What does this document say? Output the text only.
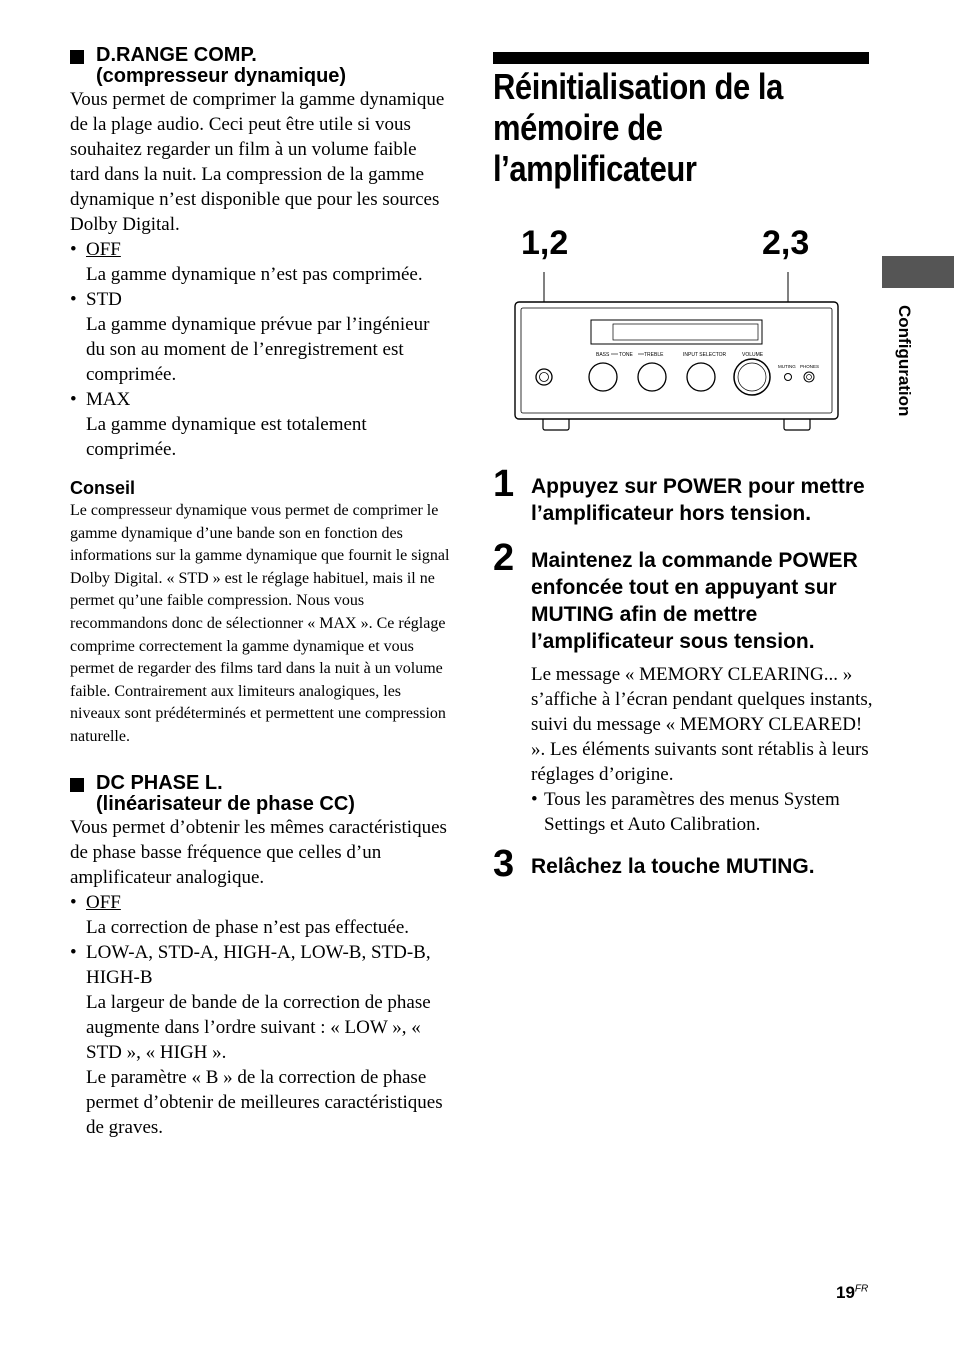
D.RANGE COMP.
(compresseur dynamique)
Vous permet de comprimer la gamme dynamique de la plage audio. Ceci peut être utile si vous souhaitez regarder un film à un volume faible tard dans la nuit. La compression de la gamme dynamique n’est disponible que pour les sources Dolby Digital.
• OFF
La gamme dynamique n’est pas comprimée.
• STD
La gamme dynamique prévue par l’ingénieur du son au moment de l’enregistrement est comprimée.
• MAX
La gamme dynamique est totalement comprimée.
Conseil
Le compresseur dynamique vous permet de comprimer le gamme dynamique d’une bande son en fonction des informations sur la gamme dynamique que fournit le signal Dolby Digital. « STD » est le réglage habituel, mais il ne permet qu’une faible compression. Nous vous recommandons donc de sélectionner « MAX ». Ce réglage comprime correctement la gamme dynamique et vous permet de regarder des films tard dans la nuit à un volume faible. Contrairement aux limiteurs analogiques, les niveaux sont prédéterminés et permettent une compression naturelle.
DC PHASE L.
(linéarisateur de phase CC)
Vous permet d’obtenir les mêmes caractéristiques de phase basse fréquence que celles d’un amplificateur analogique.
• OFF
La correction de phase n’est pas effectuée.
• LOW-A, STD-A, HIGH-A, LOW-B, STD-B, HIGH-B
La largeur de bande de la correction de phase augmente dans l’ordre suivant : « LOW », « STD », « HIGH ».
Le paramètre « B » de la correction de phase permet d’obtenir de meilleures caractéristiques de graves.
Réinitialisation de la
mémoire de
l’amplificateur
1,2	2,3
BASS TONE TREBLE	INPUT SELECTOR	VOLUME
MUTING PHONES
1 Appuyez sur POWER pour mettre l’amplificateur hors tension.
2 Maintenez la commande POWER enfoncée tout en appuyant sur MUTING afin de mettre l’amplificateur sous tension.
Le message « MEMORY CLEARING... » s’affiche à l’écran pendant quelques instants, suivi du message « MEMORY CLEARED! ». Les éléments suivants sont rétablis à leurs réglages d’origine.
• Tous les paramètres des menus System Settings et Auto Calibration.
3 Relâchez la touche MUTING.
Configuration
$19^{FR}$
